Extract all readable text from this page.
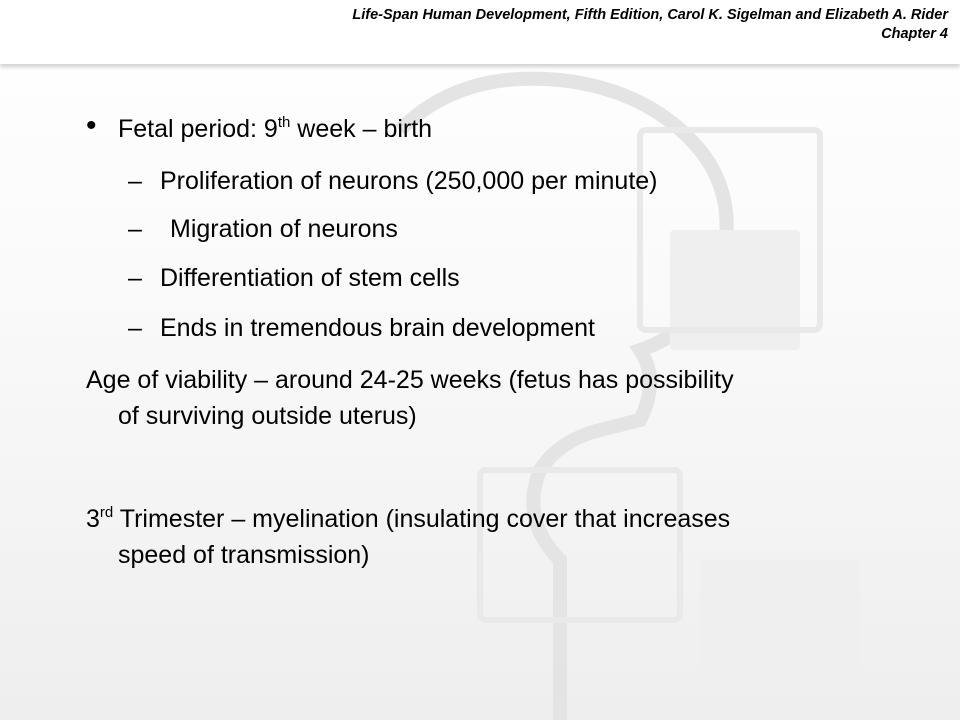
Life-Span Human Development, Fifth Edition, Carol K. Sigelman and Elizabeth A. Rider
Chapter 4
• Fetal period: 9th week – birth
– Proliferation of neurons (250,000 per minute)
– Migration of neurons
– Differentiation of stem cells
– Ends in tremendous brain development
Age of viability – around 24-25 weeks (fetus has possibility
of surviving outside uterus)
3rd Trimester – myelination (insulating cover that increases
speed of transmission)
